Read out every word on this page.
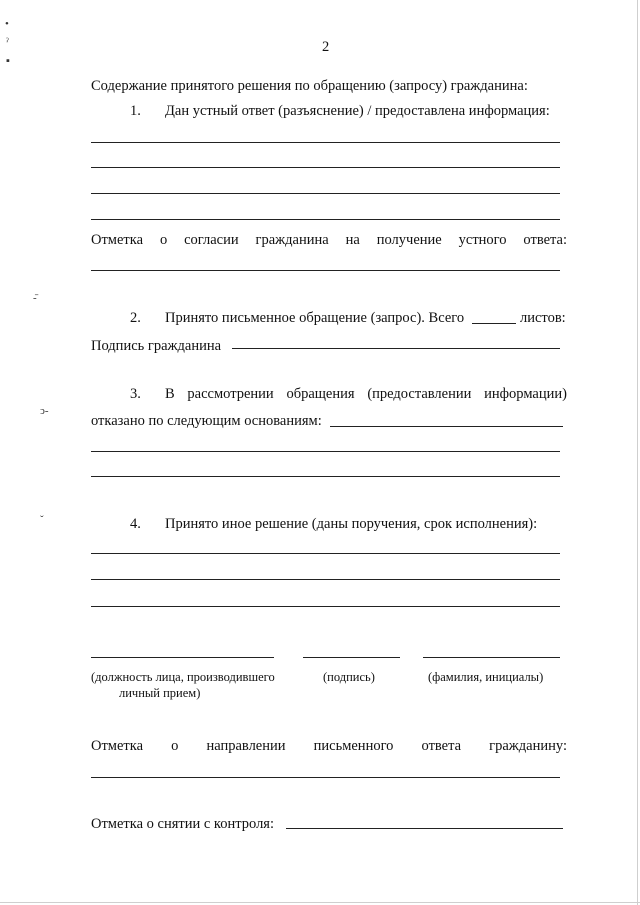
•
ˀ
▪
-̄
ↄ-
ˇ
2
Содержание принятого решения по обращению (запросу) гражданина:
1. Дан устный ответ (разъяснение) / предоставлена информация:
Отметка о согласии гражданина на получение устного ответа:
2. Принято письменное обращение (запрос). Всего	листов:
Подпись гражданина
3. В рассмотрении обращения (предоставлении информации)
отказано по следующим основаниям:
4. Принято иное решение (даны поручения, срок исполнения):
(должность лица, производившего
личный прием)
(подпись)	(фамилия, инициалы)
Отметка о направлении письменного ответа гражданину:
Отметка о снятии с контроля:
